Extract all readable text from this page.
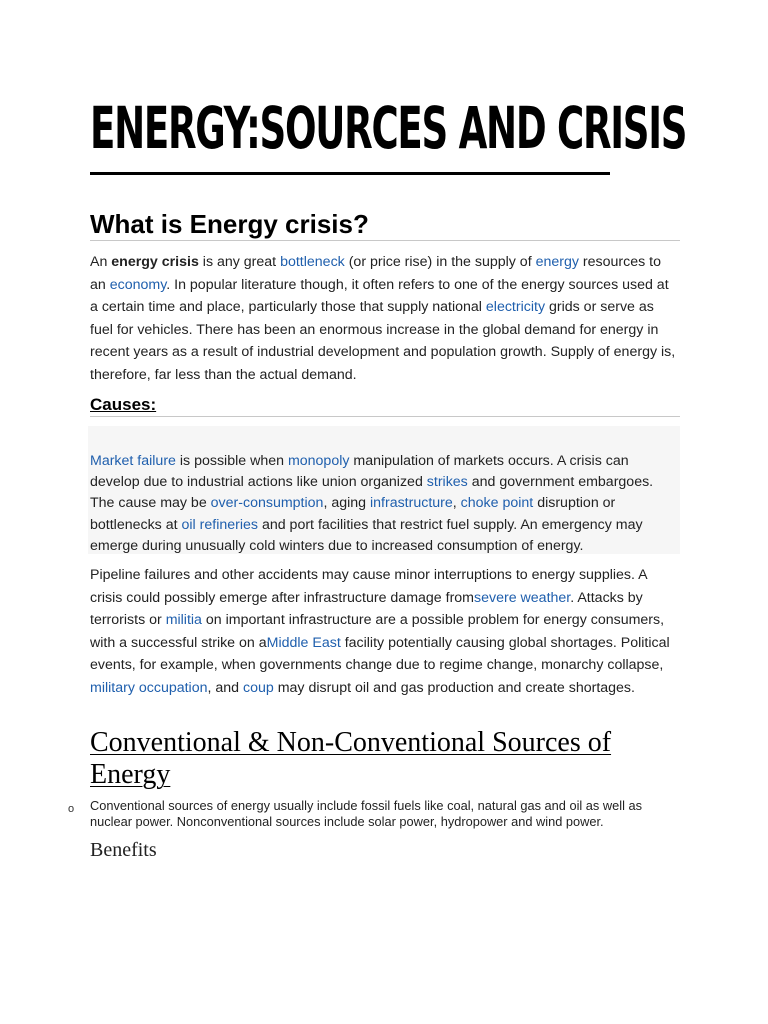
ENERGY:SOURCES AND CRISIS
What is Energy crisis?

An energy crisis is any great bottleneck (or price rise) in the supply of energy resources to an economy. In popular literature though, it often refers to one of the energy sources used at a certain time and place, particularly those that supply national electricity grids or serve as fuel for vehicles. There has been an enormous increase in the global demand for energy in recent years as a result of industrial development and population growth. Supply of energy is, therefore, far less than the actual demand.

Causes:

Market failure is possible when monopoly manipulation of markets occurs. A crisis can develop due to industrial actions like union organized strikes and government embargoes. The cause may be over-consumption, aging infrastructure, choke point disruption or bottlenecks at oil refineries and port facilities that restrict fuel supply. An emergency may emerge during unusually cold winters due to increased consumption of energy.

Pipeline failures and other accidents may cause minor interruptions to energy supplies. A crisis could possibly emerge after infrastructure damage fromsevere weather. Attacks by terrorists or militia on important infrastructure are a possible problem for energy consumers, with a successful strike on aMiddle East facility potentially causing global shortages. Political events, for example, when governments change due to regime change, monarchy collapse, military occupation, and coup may disrupt oil and gas production and create shortages.

Conventional & Non-Conventional Sources of
Energy
o Conventional sources of energy usually include fossil fuels like coal, natural gas and oil as well as nuclear power. Nonconventional sources include solar power, hydropower and wind power.

Benefits
